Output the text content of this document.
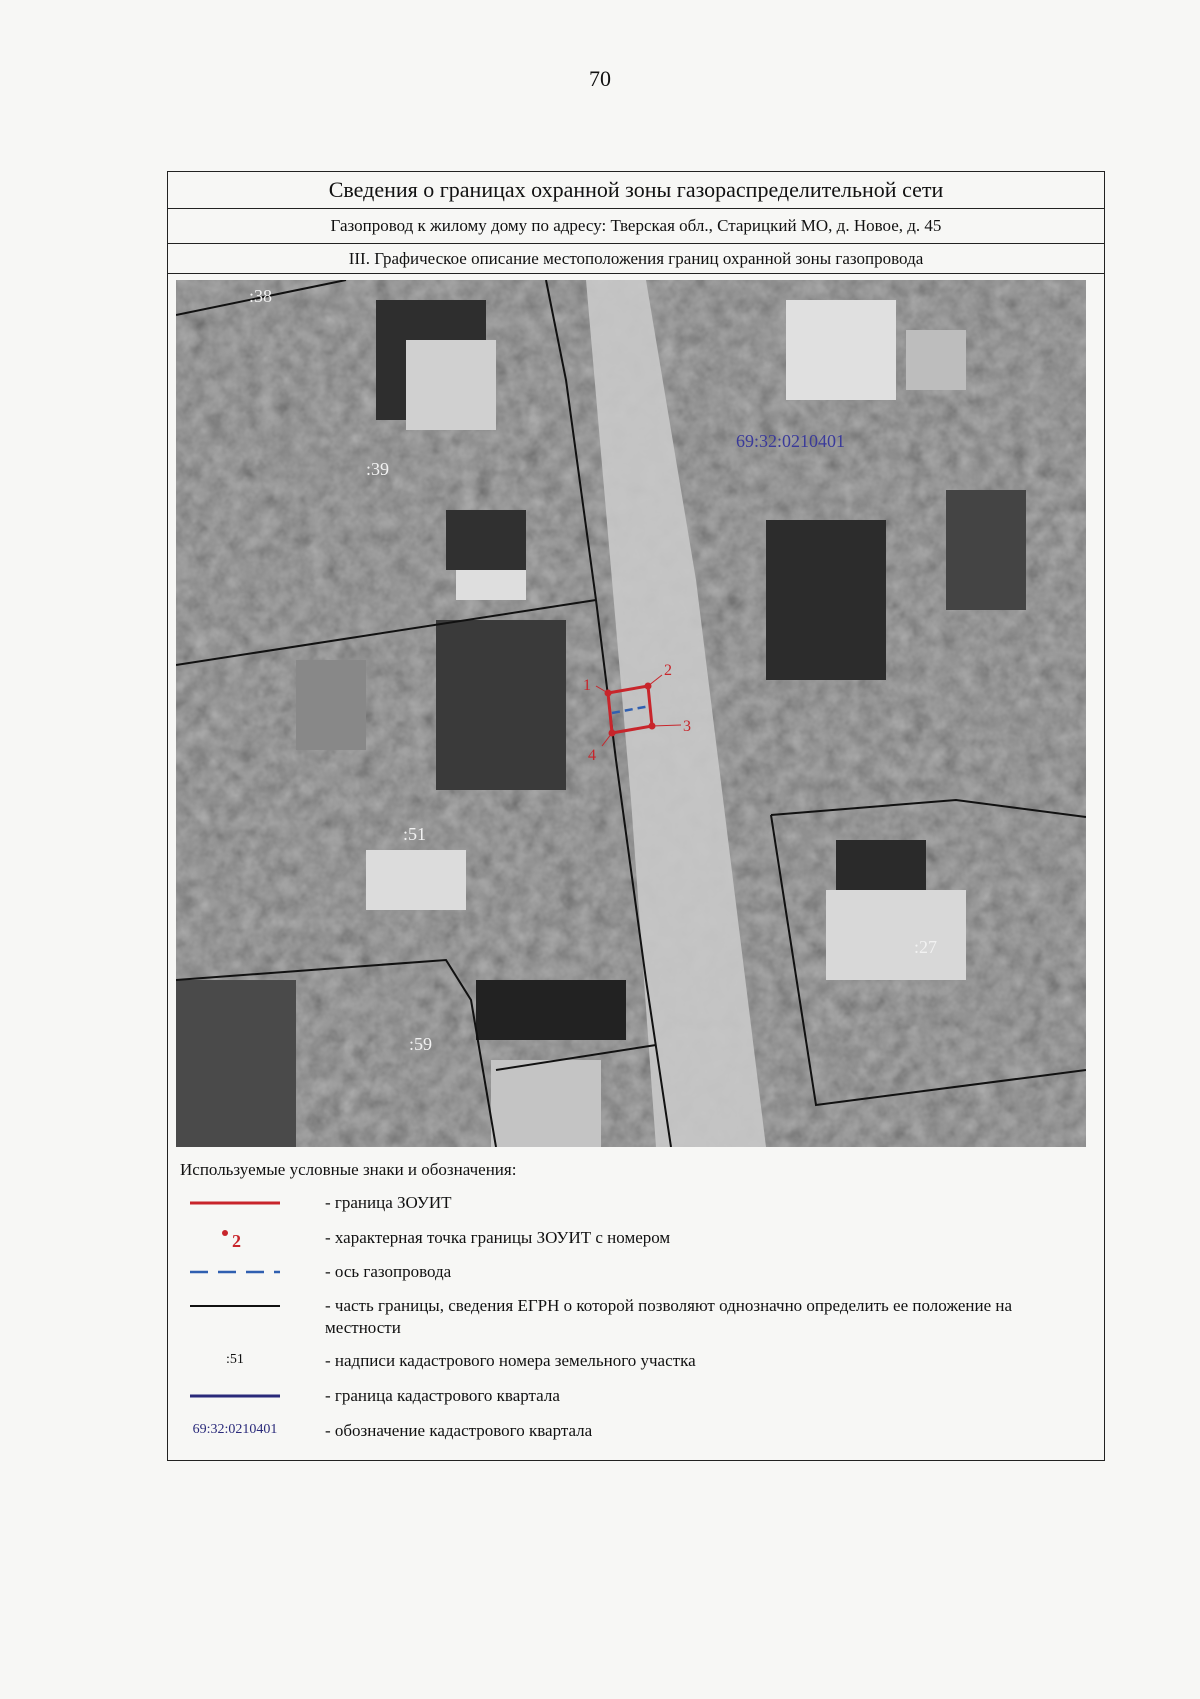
70
Сведения о границах охранной зоны газораспределительной сети
Газопровод к жилому дому по адресу: Тверская обл., Старицкий МО, д. Новое, д. 45
III. Графическое описание местоположения границ охранной зоны газопровода
1
2
3
4
:38
:39
:51
:59
:27
69:32:0210401
Используемые условные знаки и обозначения:
- граница ЗОУИТ
2	- характерная точка границы ЗОУИТ с номером
- ось газопровода
- часть границы, сведения ЕГРН о которой позволяют однозначно определить ее положение на местности
:51	- надписи кадастрового номера земельного участка
- граница кадастрового квартала
69:32:0210401	- обозначение кадастрового квартала
